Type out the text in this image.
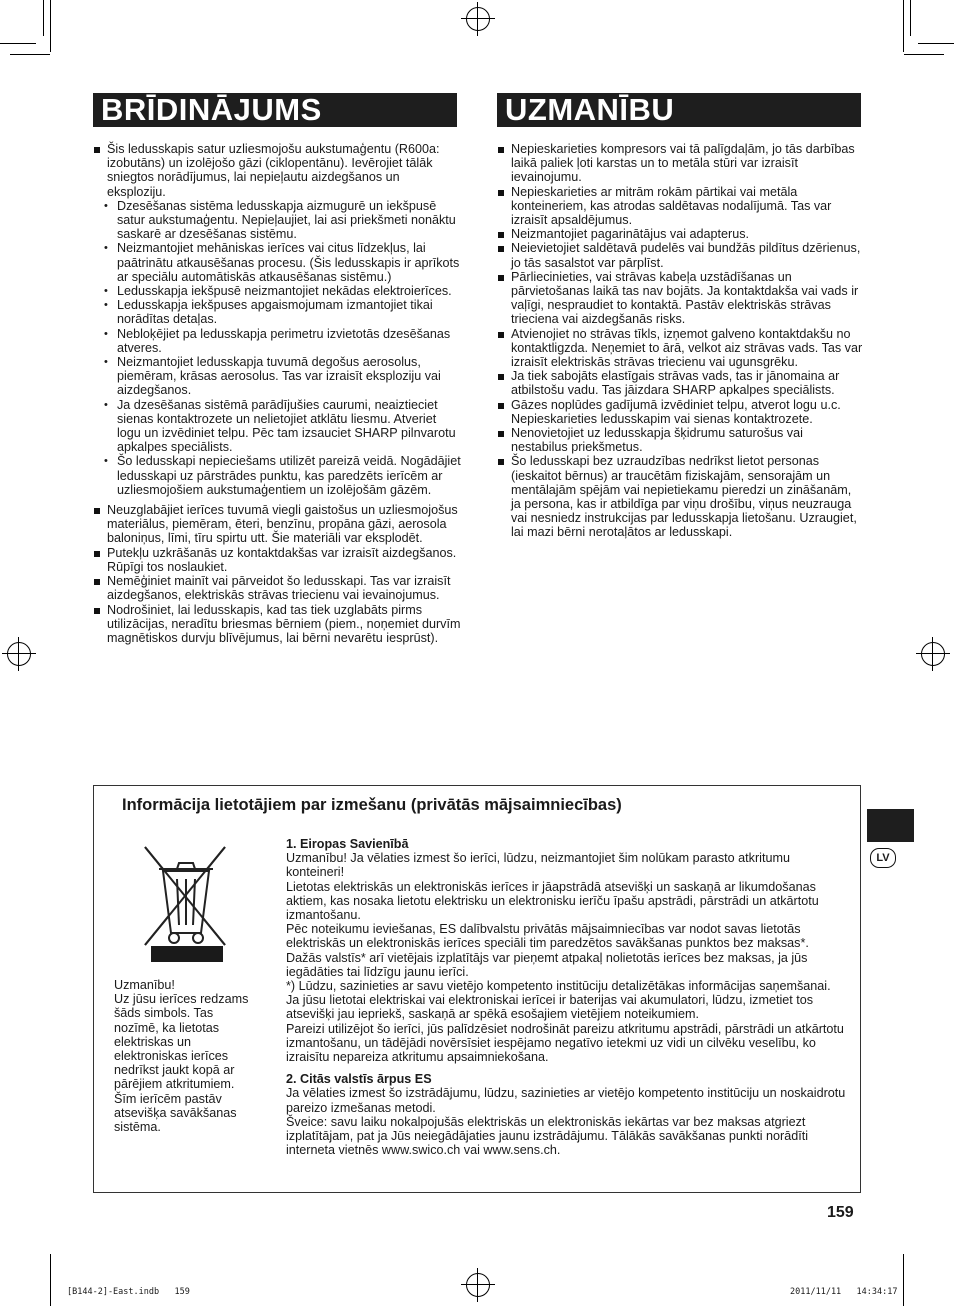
BRĪDINĀJUMS	UZMANĪBU

Šis ledusskapis satur uzliesmojošu aukstumaģentu (R600a: izobutāns) un izolējošo gāzi (ciklopentānu). Ievērojiet tālāk sniegtos norādījumus, lai nepieļautu aizdegšanos un eksploziju.

• Dzesēšanas sistēma ledusskapja aizmugurē un iekšpusē satur aukstumaģentu. Nepieļaujiet, lai asi priekšmeti nonāktu saskarē ar dzesēšanas sistēmu.

• Neizmantojiet mehāniskas ierīces vai citus līdzekļus, lai paātrinātu atkausēšanas procesu. (Šis ledusskapis ir aprīkots ar speciālu automātiskās atkausēšanas sistēmu.)

• Ledusskapja iekšpusē neizmantojiet nekādas elektroierīces.

• Ledusskapja iekšpuses apgaismojumam izmantojiet tikai norādītas detaļas.

• Nebloķējiet pa ledusskapja perimetru izvietotās dzesēšanas atveres.

• Neizmantojiet ledusskapja tuvumā degošus aerosolus, piemēram, krāsas aerosolus. Tas var izraisīt eksploziju vai aizdegšanos.

• Ja dzesēšanas sistēmā parādījušies caurumi, neaiztieciet sienas kontaktrozete un nelietojiet atklātu liesmu. Atveriet logu un izvēdiniet telpu. Pēc tam izsauciet SHARP pilnvarotu apkalpes speciālists.

• Šo ledusskapi nepieciešams utilizēt pareizā veidā. Nogādājiet ledusskapi uz pārstrādes punktu, kas paredzēts ierīcēm ar uzliesmojošiem aukstumaģentiem un izolējošām gāzēm.

Neuzglabājiet ierīces tuvumā viegli gaistošus un uzliesmojošus materiālus, piemēram, ēteri, benzīnu, propāna gāzi, aerosola baloniņus, līmi, tīru spirtu utt. Šie materiāli var eksplodēt.

Putekļu uzkrāšanās uz kontaktdakšas var izraisīt aizdegšanos. Rūpīgi tos noslaukiet.

Nemēģiniet mainīt vai pārveidot šo ledusskapi. Tas var izraisīt aizdegšanos, elektriskās strāvas triecienu vai ievainojumus.

Nodrošiniet, lai ledusskapis, kad tas tiek uzglabāts pirms utilizācijas, neradītu briesmas bērniem (piem., noņemiet durvīm magnētiskos durvju blīvējumus, lai bērni nevarētu iesprūst).

Nepieskarieties kompresors vai tā palīgdaļām, jo tās darbības laikā paliek ļoti karstas un to metāla stūri var izraisīt ievainojumu.

Nepieskarieties ar mitrām rokām pārtikai vai metāla konteineriem, kas atrodas saldētavas nodalījumā. Tas var izraisīt apsaldējumus.

Neizmantojiet pagarinātājus vai adapterus.

Neievietojiet saldētavā pudelēs vai bundžās pildītus dzērienus, jo tās sasalstot var pārplīst.

Pārliecinieties, vai strāvas kabeļa uzstādīšanas un pārvietošanas laikā tas nav bojāts. Ja kontaktdakša vai vads ir vaļīgi, nespraudiet to kontaktā. Pastāv elektriskās strāvas trieciena vai aizdegšanās risks.

Atvienojiet no strāvas tīkls, izņemot galveno kontaktdakšu no kontaktligzda. Neņemiet to ārā, velkot aiz strāvas vads. Tas var izraisīt elektriskās strāvas triecienu vai ugunsgrēku.

Ja tiek sabojāts elastīgais strāvas vads, tas ir jānomaina ar atbilstošu vadu. Tas jāizdara SHARP apkalpes speciālists.

Gāzes noplūdes gadījumā izvēdiniet telpu, atverot logu u.c. Nepieskarieties ledusskapim vai sienas kontaktrozete.

Nenovietojiet uz ledusskapja šķidrumu saturošus vai nestabilus priekšmetus.

Šo ledusskapi bez uzraudzības nedrīkst lietot personas (ieskaitot bērnus) ar traucētām fiziskajām, sensorajām un mentālajām spējām vai nepietiekamu pieredzi un zināšanām, ja persona, kas ir atbildīga par viņu drošību, viņus neuzrauga vai nesniedz instrukcijas par ledusskapja lietošanu. Uzraugiet, lai mazi bērni nerotaļātos ar ledusskapi.

Informācija lietotājiem par izmešanu (privātās mājsaimniecības)

Uzmanību!
Uz jūsu ierīces redzams šāds simbols. Tas nozīmē, ka lietotas elektriskas un elektroniskas ierīces nedrīkst jaukt kopā ar pārējiem atkritumiem. Šīm ierīcēm pastāv atsevišķa savākšanas sistēma.

1. Eiropas Savienībā

Uzmanību! Ja vēlaties izmest šo ierīci, lūdzu, neizmantojiet šim nolūkam parasto atkritumu konteineri!

Lietotas elektriskās un elektroniskās ierīces ir jāapstrādā atsevišķi un saskaņā ar likumdošanas aktiem, kas nosaka lietotu elektrisku un elektronisku ierīču īpašu apstrādi, pārstrādi un atkārtotu izmantošanu.

Pēc noteikumu ieviešanas, ES dalībvalstu privātās mājsaimniecības var nodot savas lietotās elektriskās un elektroniskās ierīces speciāli tim paredzētos savākšanas punktos bez maksas*. Dažās valstīs* arī vietējais izplatītājs var pieņemt atpakaļ nolietotās ierīces bez maksas, ja jūs iegādāties tai līdzīgu jaunu ierīci.

*) Lūdzu, sazinieties ar savu vietējo kompetento institūciju detalizētākas informācijas saņemšanai.

Ja jūsu lietotai elektriskai vai elektroniskai ierīcei ir baterijas vai akumulatori, lūdzu, izmetiet tos atsevišķi jau iepriekš, saskaņā ar spēkā esošajiem vietējiem noteikumiem.

Pareizi utilizējot šo ierīci, jūs palīdzēsiet nodrošināt pareizu atkritumu apstrādi, pārstrādi un atkārtotu izmantošanu, un tādējādi novērsīsiet iespējamo negatīvo ietekmi uz vidi un cilvēku veselību, ko izraisītu nepareiza atkritumu apsaimniekošana.

2. Citās valstīs ārpus ES

Ja vēlaties izmest šo izstrādājumu, lūdzu, sazinieties ar vietējo kompetento institūciju un noskaidrotu pareizo izmešanas metodi.

Šveice: savu laiku nokalpojušās elektriskās un elektroniskās iekārtas var bez maksas atgriezt izplatītājam, pat ja Jūs neiegādājaties jaunu izstrādājumu. Tālākās savākšanas punkti norādīti interneta vietnēs www.swico.ch vai www.sens.ch.

LV
159
[B144-2]-East.indb   159	2011/11/11   14:34:17
